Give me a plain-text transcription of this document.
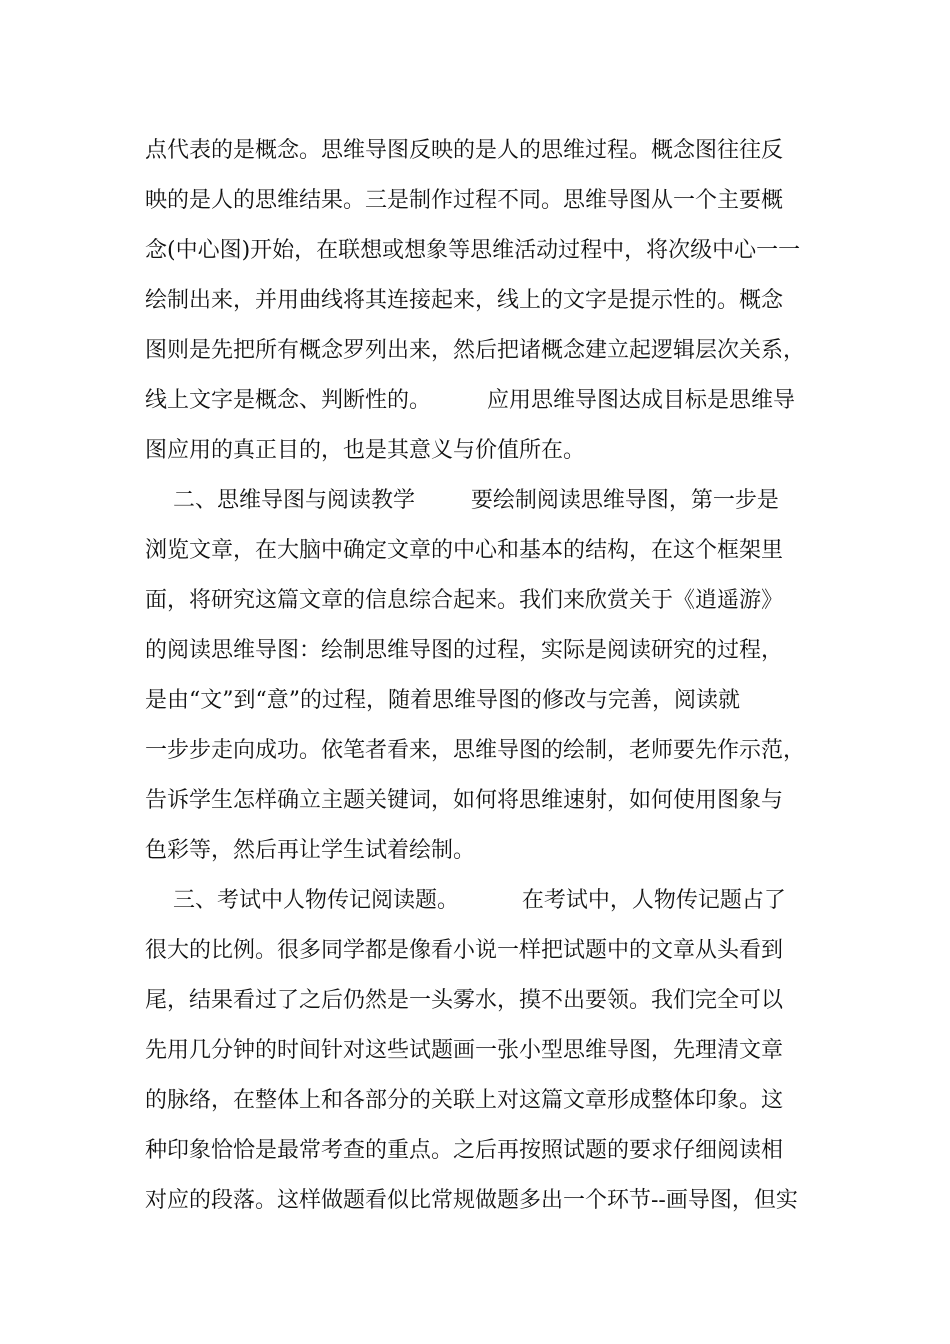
点代表的是概念。思维导图反映的是人的思维过程。概念图往往反
映的是人的思维结果。三是制作过程不同。思维导图从一个主要概
念(中心图)开始，在联想或想象等思维活动过程中，将次级中心一一
绘制出来，并用曲线将其连接起来，线上的文字是提示性的。概念
图则是先把所有概念罗列出来，然后把诸概念建立起逻辑层次关系，
线上文字是概念、判断性的。        应用思维导图达成目标是思维导
图应用的真正目的，也是其意义与价值所在。
二、思维导图与阅读教学        要绘制阅读思维导图，第一步是
浏览文章，在大脑中确定文章的中心和基本的结构，在这个框架里
面，将研究这篇文章的信息综合起来。我们来欣赏关于《逍遥游》
的阅读思维导图：绘制思维导图的过程，实际是阅读研究的过程，
是由“文”到“意”的过程，随着思维导图的修改与完善，阅读就
一步步走向成功。依笔者看来，思维导图的绘制，老师要先作示范，
告诉学生怎样确立主题关键词，如何将思维速射，如何使用图象与
色彩等，然后再让学生试着绘制。
三、考试中人物传记阅读题。         在考试中，人物传记题占了
很大的比例。很多同学都是像看小说一样把试题中的文章从头看到
尾，结果看过了之后仍然是一头雾水，摸不出要领。我们完全可以
先用几分钟的时间针对这些试题画一张小型思维导图，先理清文章
的脉络，在整体上和各部分的关联上对这篇文章形成整体印象。这
种印象恰恰是最常考查的重点。之后再按照试题的要求仔细阅读相
对应的段落。这样做题看似比常规做题多出一个环节--画导图，但实
